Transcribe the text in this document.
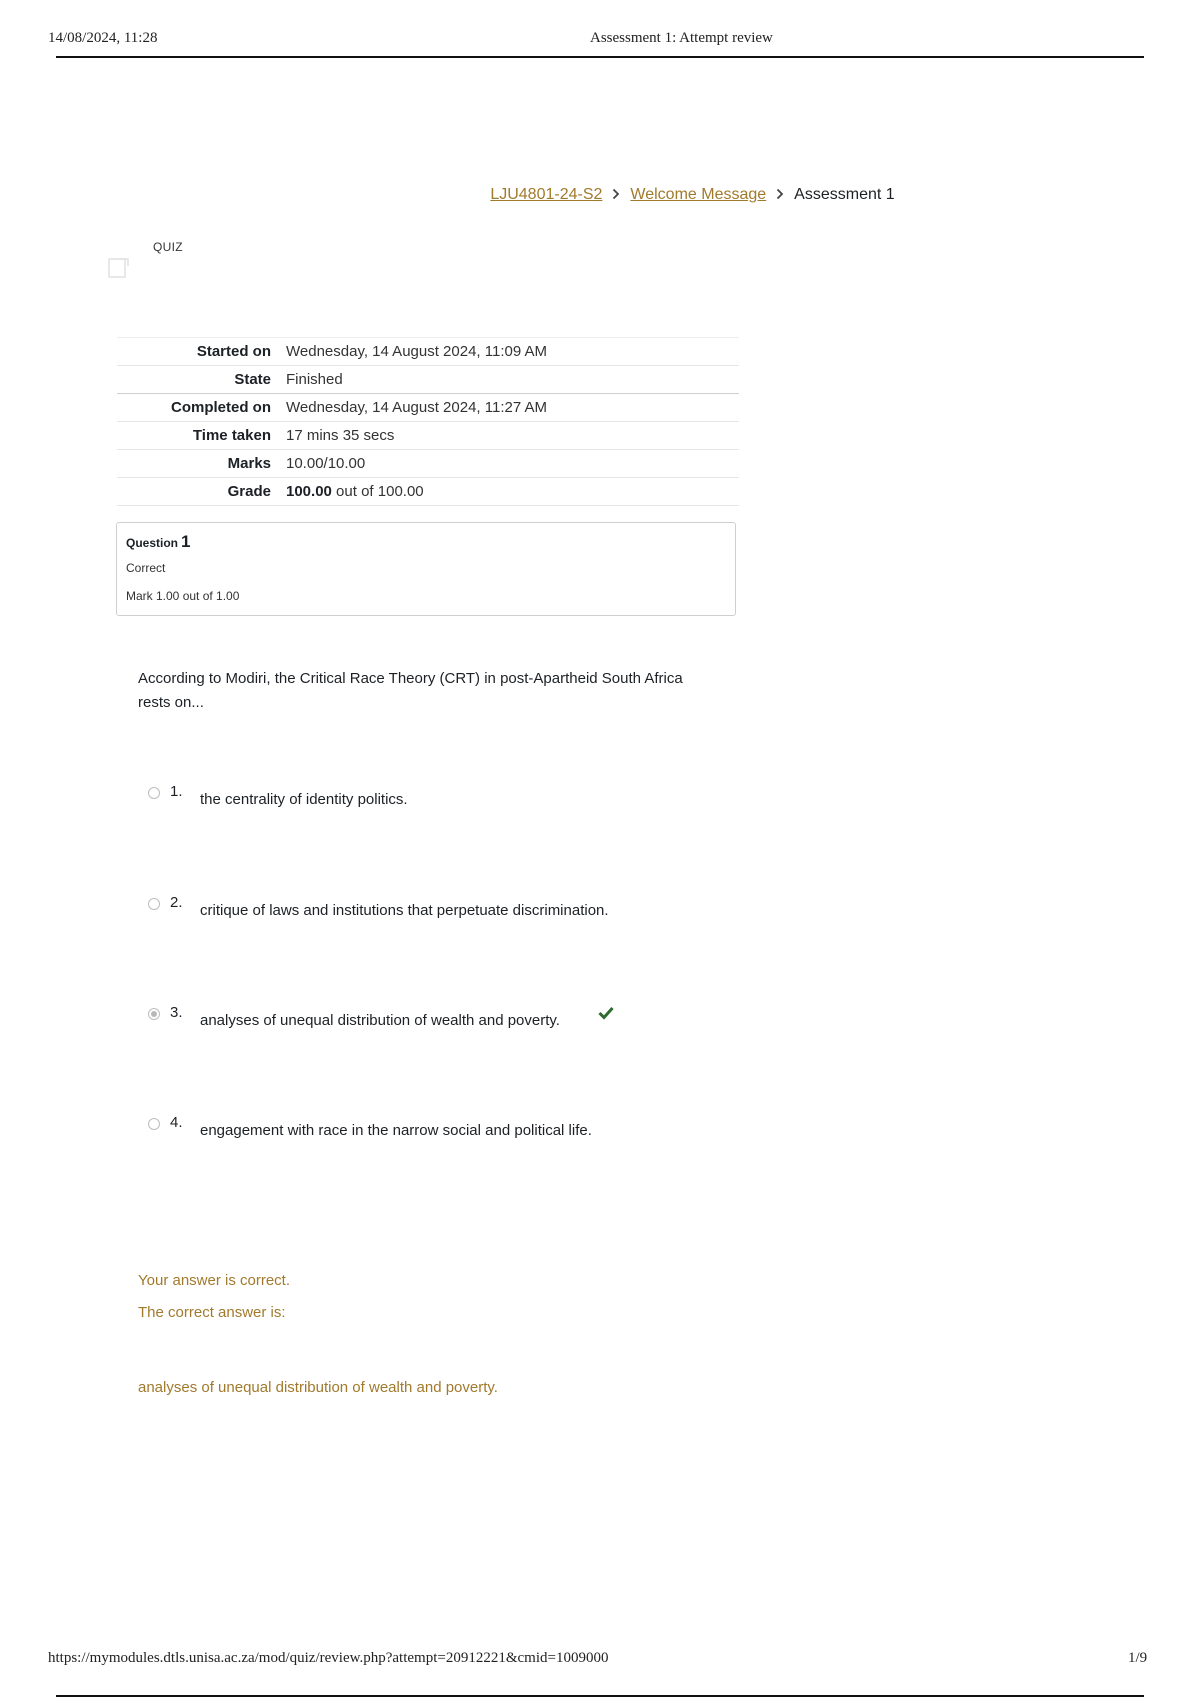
14/08/2024, 11:28	Assessment 1: Attempt review
LJU4801-24-S2 Welcome Message Assessment 1
QUIZ
Started on	Wednesday, 14 August 2024, 11:09 AM
State	Finished
Completed on	Wednesday, 14 August 2024, 11:27 AM
Time taken	17 mins 35 secs
Marks	10.00/10.00
Grade	100.00 out of 100.00
Question 1
Correct
Mark 1.00 out of 1.00
According to Modiri, the Critical Race Theory (CRT) in post-Apartheid South Africa rests on...
1. the centrality of identity politics.
2. critique of laws and institutions that perpetuate discrimination.
3. analyses of unequal distribution of wealth and poverty.
4. engagement with race in the narrow social and political life.
Your answer is correct.
The correct answer is:
analyses of unequal distribution of wealth and poverty.
https://mymodules.dtls.unisa.ac.za/mod/quiz/review.php?attempt=20912221&cmid=1009000	1/9
